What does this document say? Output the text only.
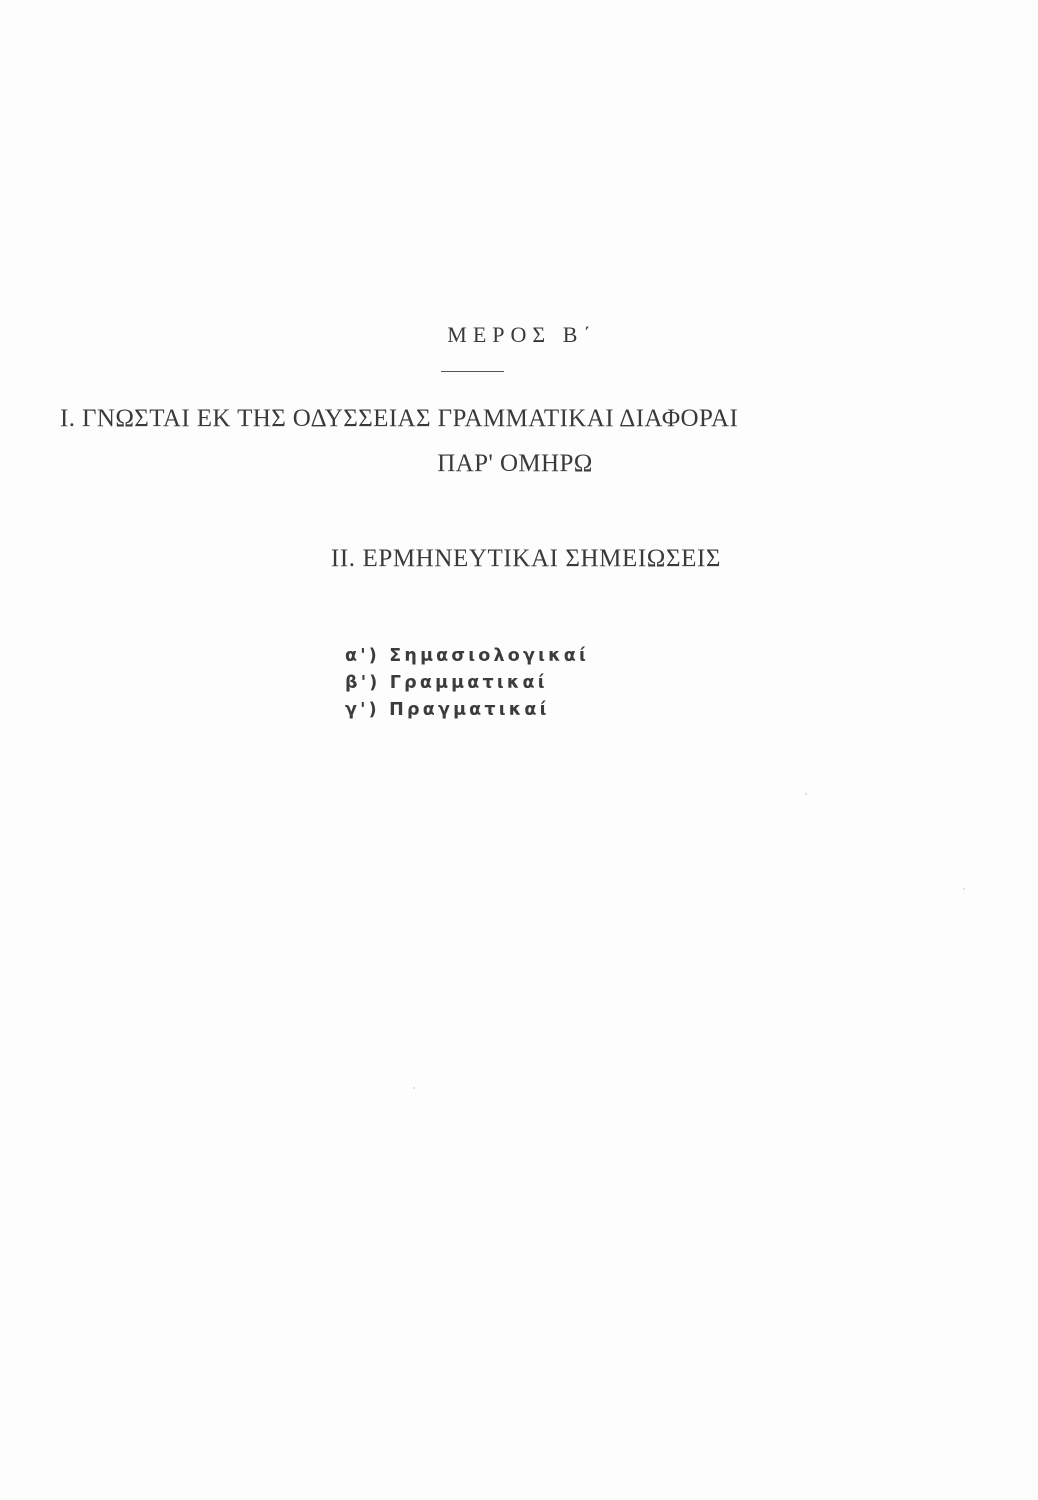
ΜΕΡΟΣ Β΄
Ι. ΓΝΩΣΤΑΙ ΕΚ ΤΗΣ ΟΔΥΣΣΕΙΑΣ ΓΡΑΜΜΑΤΙΚΑΙ ΔΙΑΦΟΡΑΙ
ΠΑΡ' ΟΜΗΡΩ
ΙΙ. ΕΡΜΗΝΕΥΤΙΚΑΙ ΣΗΜΕΙΩΣΕΙΣ
α') Σημασιολογικαί
β') Γραμματικαί
γ') Πραγματικαί
